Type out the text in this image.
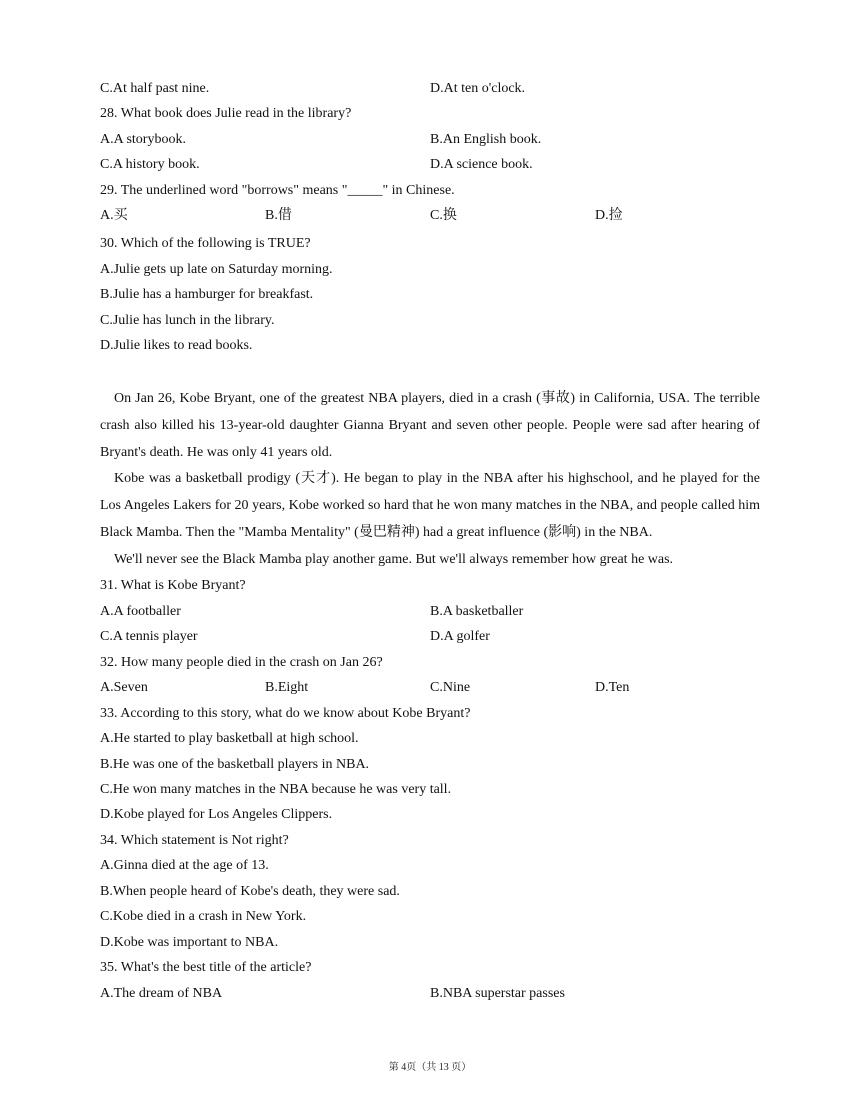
C.At half past nine.	D.At ten o'clock.
28. What book does Julie read in the library?
A.A storybook.	B.An English book.
C.A history book.	D.A science book.
29. The underlined word "borrows" means "_____" in Chinese.
A.买	B.借	C.换	D.捡
30. Which of the following is TRUE?
A.Julie gets up late on Saturday morning.
B.Julie has a hamburger for breakfast.
C.Julie has lunch in the library.
D.Julie likes to read books.
On Jan 26, Kobe Bryant, one of the greatest NBA players, died in a crash (事故) in California, USA. The terrible crash also killed his 13-year-old daughter Gianna Bryant and seven other people. People were sad after hearing of Bryant's death. He was only 41 years old.
Kobe was a basketball prodigy (天才). He began to play in the NBA after his highschool, and he played for the Los Angeles Lakers for 20 years, Kobe worked so hard that he won many matches in the NBA, and people called him Black Mamba. Then the "Mamba Mentality" (曼巴精神) had a great influence (影响) in the NBA.
We'll never see the Black Mamba play another game. But we'll always remember how great he was.
31. What is Kobe Bryant?
A.A footballer	B.A basketballer
C.A tennis player	D.A golfer
32. How many people died in the crash on Jan 26?
A.Seven	B.Eight	C.Nine	D.Ten
33. According to this story, what do we know about Kobe Bryant?
A.He started to play basketball at high school.
B.He was one of the basketball players in NBA.
C.He won many matches in the NBA because he was very tall.
D.Kobe played for Los Angeles Clippers.
34. Which statement is Not right?
A.Ginna died at the age of 13.
B.When people heard of Kobe's death, they were sad.
C.Kobe died in a crash in New York.
D.Kobe was important to NBA.
35. What's the best title of the article?
A.The dream of NBA	B.NBA superstar passes
第 4页（共 13 页）
